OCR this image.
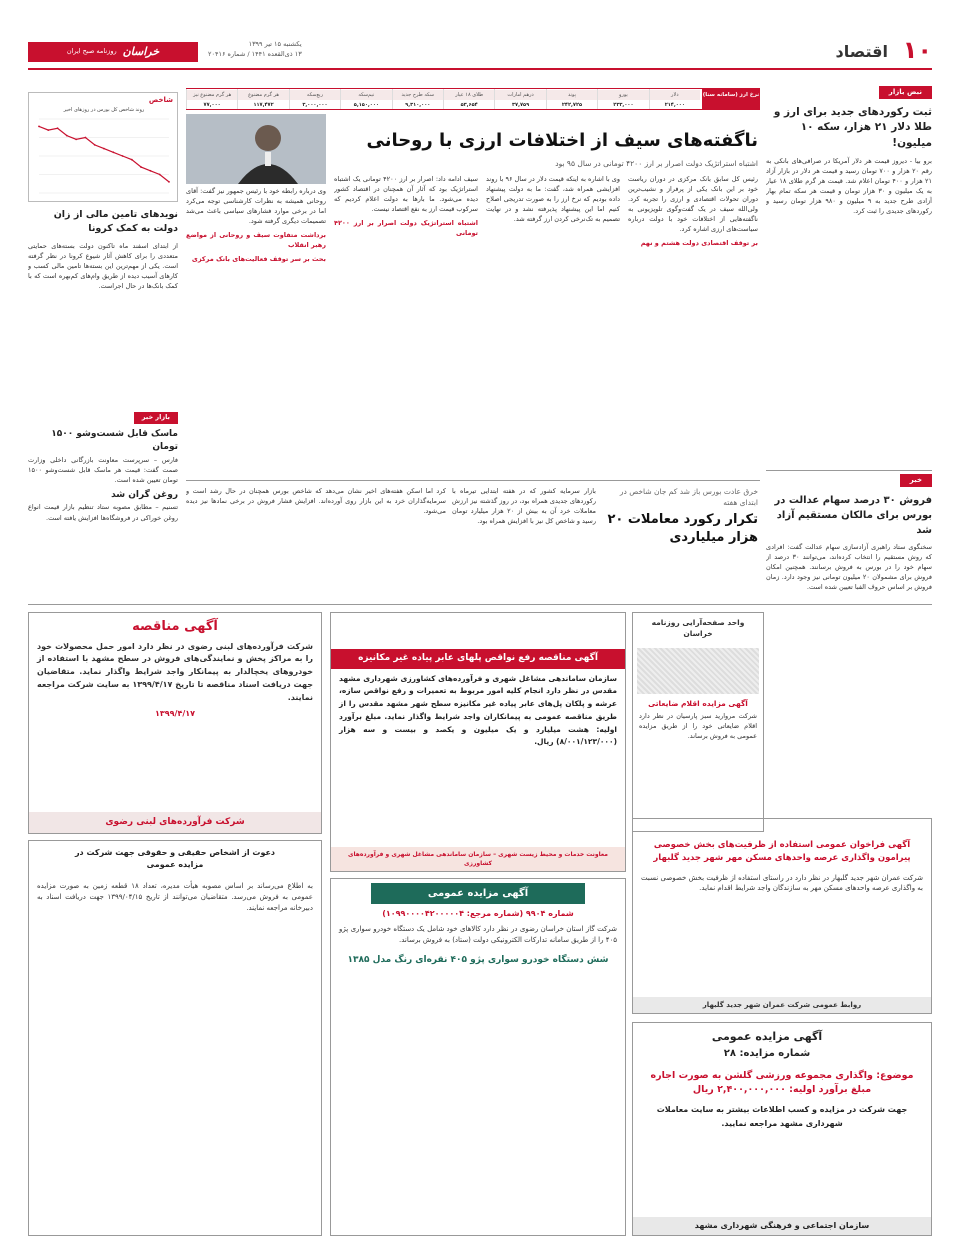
۱۰
اقتصاد
یکشنبه ۱۵ تیر ۱۳۹۹
۱۳ ذی‌القعده ۱۴۴۱ / شماره ۲۰۴۱۶
خراسان
روزنامه صبح ایران
نبض بازار
ثبت رکوردهای جدید برای ارز و طلا دلار ۲۱ هزار، سکه ۱۰ میلیون!
برو بیا - دیروز قیمت هر دلار آمریکا در صرافی‌های بانکی به رقم ۲۰ هزار و ۷۰۰ تومان رسید و قیمت هر دلار در بازار آزاد ۲۱ هزار و ۴۰۰ تومان اعلام شد. قیمت هر گرم طلای ۱۸ عیار به یک میلیون و ۳۰ هزار تومان و قیمت هر سکه تمام بهار آزادی طرح جدید به ۹ میلیون و ۹۸۰ هزار تومان رسید و رکوردهای جدیدی را ثبت کرد.
خبر
فروش ۳۰ درصد سهام عدالت در بورس برای مالکان مستقیم آزاد شد
سخنگوی ستاد راهبری آزادسازی سهام عدالت گفت: افرادی که روش مستقیم را انتخاب کرده‌اند، می‌توانند ۳۰ درصد از سهام خود را در بورس به فروش برسانند. همچنین امکان فروش برای مشمولان ۲۰ میلیون تومانی نیز وجود دارد. زمان فروش بر اساس حروف الفبا تعیین شده است.
نرخ ارز (سامانه سنا)
دلار
۲۱۴,۰۰۰
یورو
۲۳۳,۰۰۰
پوند
۲۴۲,۷۲۵
درهم امارات
۳۷,۷۵۹
طلای ۱۸ عیار
۵۳,۶۵۴
سکه طرح جدید
۹,۳۱۰,۰۰۰
نیم‌سکه
۵,۱۵۰,۰۰۰
ربع‌سکه
۳,۰۰۰,۰۰۰
هر گرم مضنوع
۱۱۷,۴۷۲
هر گرم مضنوع نیز
۷۷,۰۰۰
اشتباه استراتژیک دولت اصرار بر ارز ۴۲۰۰ تومانی در سال ۹۵ بود
ناگفته‌های سیف از اختلافات ارزی با روحانی
رئیس کل سابق بانک مرکزی در دوران ریاست خود بر این بانک یکی از پرفراز و نشیب‌ترین دوران تحولات اقتصادی و ارزی را تجربه کرد. ولی‌الله سیف در یک گفت‌وگوی تلویزیونی به ناگفته‌هایی از اختلافات خود با دولت درباره سیاست‌های ارزی اشاره کرد.
بر توقف اقتصادی دولت هشتم و نهم
وی با اشاره به اینکه قیمت دلار در سال ۹۶ با روند افزایشی همراه شد، گفت: ما به دولت پیشنهاد داده بودیم که نرخ ارز را به صورت تدریجی اصلاح کنیم اما این پیشنهاد پذیرفته نشد و در نهایت تصمیم به تک‌نرخی کردن ارز گرفته شد.
سیف ادامه داد: اصرار بر ارز ۴۲۰۰ تومانی یک اشتباه استراتژیک بود که آثار آن همچنان در اقتصاد کشور دیده می‌شود. ما بارها به دولت اعلام کردیم که سرکوب قیمت ارز به نفع اقتصاد نیست.
اشتباه استراتژیک دولت اصرار بر ارز ۴۲۰۰ تومانی
وی درباره رابطه خود با رئیس جمهور نیز گفت: آقای روحانی همیشه به نظرات کارشناسی توجه می‌کرد اما در برخی موارد فشارهای سیاسی باعث می‌شد تصمیمات دیگری گرفته شود.
برداشت متفاوت سیف و روحانی از مواضع رهبر انقلاب
بحث بر سر توقف فعالیت‌های بانک مرکزی
شاخص
روند شاخص کل بورس در روزهای اخیر
نویدهای تامین مالی از زان دولت به کمک کرونا
از ابتدای اسفند ماه تاکنون دولت بسته‌های حمایتی متعددی را برای کاهش آثار شیوع کرونا در نظر گرفته است. یکی از مهم‌ترین این بسته‌ها تامین مالی کسب و کارهای آسیب دیده از طریق وام‌های کم‌بهره است که با کمک بانک‌ها در حال اجراست.
بازار خبر
ماسک قابل شست‌وشو ۱۵۰۰ تومان
فارس – سرپرست معاونت بازرگانی داخلی وزارت صمت گفت: قیمت هر ماسک قابل شست‌وشو ۱۵۰۰ تومان تعیین شده است.
روغن گران شد
تسنیم – مطابق مصوبه ستاد تنظیم بازار قیمت انواع روغن خوراکی در فروشگاه‌ها افزایش یافته است.
خرق عادت بورس باز شد کم جان شاخص در ابتدای هفته
تکرار رکورد معاملات ۲۰ هزار میلیاردی
بازار سرمایه کشور که در هفته ابتدایی تیرماه با رکوردهای جدیدی همراه بود، در روز گذشته نیز ارزش معاملات خرد آن به بیش از ۲۰ هزار میلیارد تومان رسید و شاخص کل نیز با افزایش همراه بود.
کرد اما اسکن هفته‌های اخیر نشان می‌دهد که شاخص بورس همچنان در حال رشد است و سرمایه‌گذاران خرد به این بازار روی آورده‌اند. افزایش فشار فروش در برخی نمادها نیز دیده می‌شود.
آگهی مناقصه
شرکت فرآورده‌های لبنی رضوی در نظر دارد امور حمل محصولات خود را به مراکز پخش و نمایندگی‌های فروش در سطح مشهد با استفاده از خودروهای یخچالدار به پیمانکار واجد شرایط واگذار نماید. متقاضیان جهت دریافت اسناد مناقصه تا تاریخ ۱۳۹۹/۴/۱۷ به سایت شرکت مراجعه نمایند.
۱۳۹۹/۴/۱۷
شرکت فرآورده‌های لبنی رضوی
آگهی مناقصه رفع نواقص پلهای عابر پیاده غیر مکانیزه
سازمان ساماندهی مشاغل شهری و فرآورده‌های کشاورزی شهرداری مشهد مقدس در نظر دارد انجام کلیه امور مربوط به تعمیرات و رفع نواقص سازه، عرشه و پلکان پل‌های عابر پیاده غیر مکانیزه سطح شهر مشهد مقدس را از طریق مناقصه عمومی به پیمانکاران واجد شرایط واگذار نماید. مبلغ برآورد اولیه: هشت میلیارد و یک میلیون و یکصد و بیست و سه هزار (۸/۰۰۱/۱۲۳/۰۰۰) ریال.
معاونت خدمات و محیط زیست شهری – سازمان ساماندهی مشاغل شهری و فرآورده‌های کشاورزی
واحد صفحه‌آرایی روزنامه خراسان
آگهی مزایده اقلام ضایعاتی
شرکت مروارید سبز پارسیان در نظر دارد اقلام ضایعاتی خود را از طریق مزایده عمومی به فروش برساند.
دعوت از اشخاص حقیقی و حقوقی جهت شرکت در مزایده عمومی
به اطلاع می‌رساند بر اساس مصوبه هیأت مدیره، تعداد ۱۸ قطعه زمین به صورت مزایده عمومی به فروش می‌رسد. متقاضیان می‌توانند از تاریخ ۱۳۹۹/۰۴/۱۵ جهت دریافت اسناد به دبیرخانه مراجعه نمایند.
آگهی مزایده عمومی
شماره ۹۹۰۴ (شماره مرجع: ۱۰۹۹۰۰۰۰۴۲۰۰۰۰۰۴)
شرکت گاز استان خراسان رضوی در نظر دارد کالاهای خود شامل یک دستگاه خودرو سواری پژو ۴۰۵ را از طریق سامانه تدارکات الکترونیکی دولت (ستاد) به فروش برساند.
شش دستگاه خودرو سواری پژو ۴۰۵ نقره‌ای رنگ مدل ۱۳۸۵
آگهی فراخوان عمومی استفاده از ظرفیت‌های بخش خصوصی پیرامون واگذاری عرصه واحدهای مسکن مهر شهر جدید گلبهار
شرکت عمران شهر جدید گلبهار در نظر دارد در راستای استفاده از ظرفیت بخش خصوصی نسبت به واگذاری عرصه واحدهای مسکن مهر به سازندگان واجد شرایط اقدام نماید.
روابط عمومی شرکت عمران شهر جدید گلبهار
آگهی مزایده عمومی
شماره مزایده: ۲۸
موضوع: واگذاری مجموعه ورزشی گلشن به صورت اجاره
مبلغ برآورد اولیه: ۲,۴۰۰,۰۰۰,۰۰۰ ریال
جهت شرکت در مزایده و کسب اطلاعات بیشتر به سایت معاملات شهرداری مشهد مراجعه نمایید.
سازمان اجتماعی و فرهنگی شهرداری مشهد
